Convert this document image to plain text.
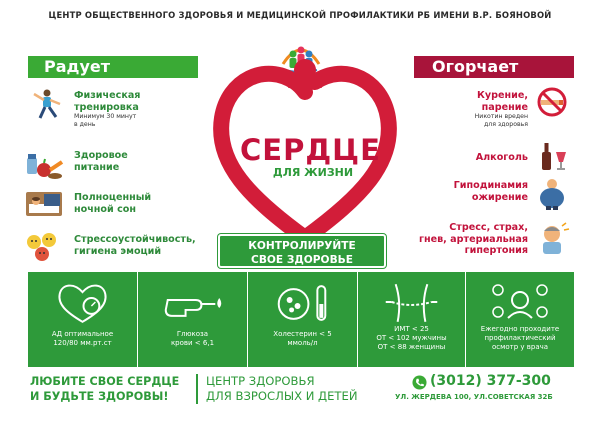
ЦЕНТР ОБЩЕСТВЕННОГО ЗДОРОВЬЯ И МЕДИЦИНСКОЙ ПРОФИЛАКТИКИ РБ ИМЕНИ В.Р. БОЯНОВОЙ
Радует	Огорчает
Физическая
тренировка
Минимум 30 минут
в день
Здоровое
питание
Полноценный
ночной сон
Стрессоустойчивость,
гигиена эмоций
СЕРДЦЕ
ДЛЯ ЖИЗНИ
КОНТРОЛИРУЙТЕ
СВОЕ ЗДОРОВЬЕ
Курение,
парение
Никотин вреден
для здоровья
Алкоголь
Гиподинамия
ожирение
Стресс, страх,
гнев, артериальная
гипертония
АД оптимальное
120/80 мм.рт.ст
Глюкоза
крови < 6,1
Холестерин < 5
ммоль/л
ИМТ < 25
ОТ < 102 мужчины
ОТ < 88 женщины
Ежегодно проходите
профилактический
осмотр у врача
ЛЮБИТЕ СВОЕ СЕРДЦЕ
И БУДЬТЕ ЗДОРОВЫ!
ЦЕНТР ЗДОРОВЬЯ
ДЛЯ ВЗРОСЛЫХ И ДЕТЕЙ
(3012) 377-300
УЛ. ЖЕРДЕВА 100, УЛ.СОВЕТСКАЯ 32Б
